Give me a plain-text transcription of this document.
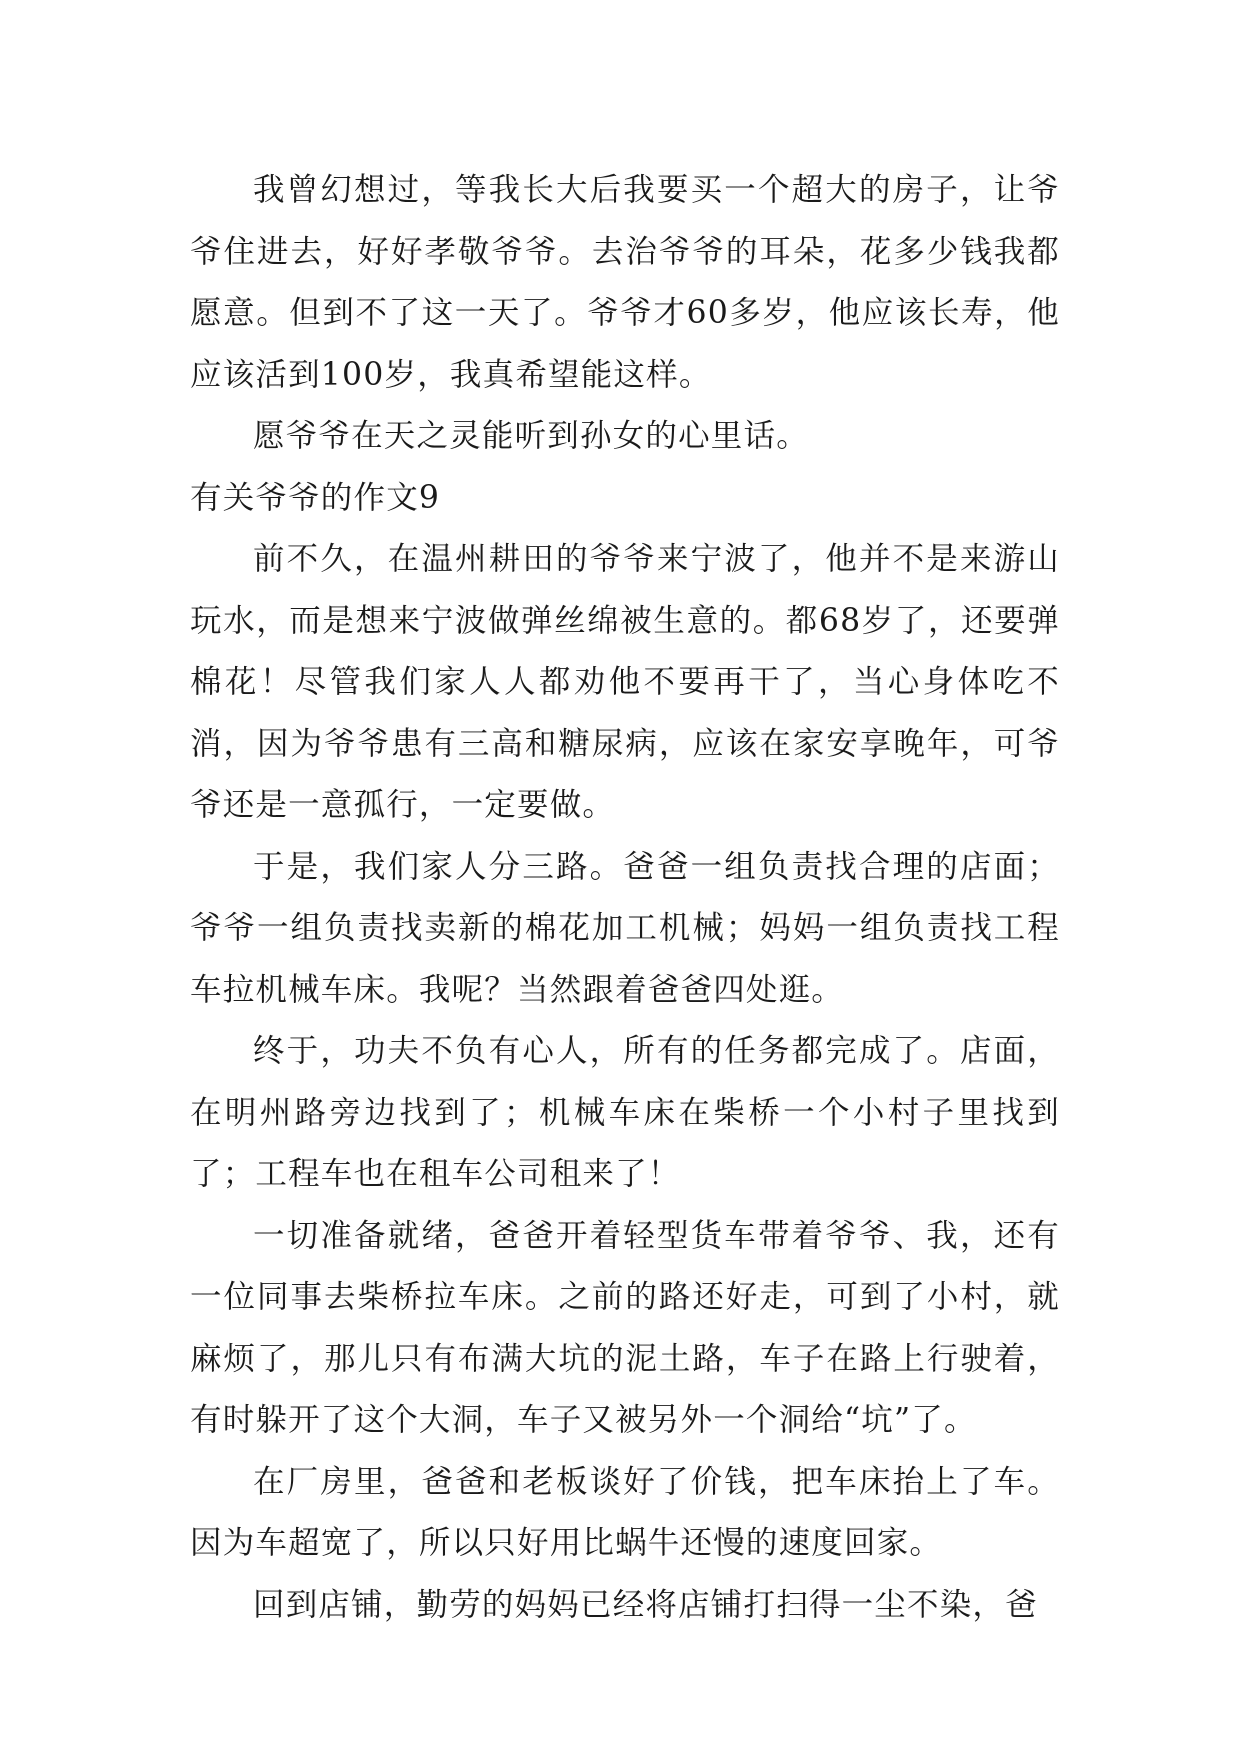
我曾幻想过，等我长大后我要买一个超大的房子，让爷爷住进去，好好孝敬爷爷。去治爷爷的耳朵，花多少钱我都愿意。但到不了这一天了。爷爷才60多岁，他应该长寿，他应该活到100岁，我真希望能这样。

愿爷爷在天之灵能听到孙女的心里话。

有关爷爷的作文9

前不久，在温州耕田的爷爷来宁波了，他并不是来游山玩水，而是想来宁波做弹丝绵被生意的。都68岁了，还要弹棉花！尽管我们家人人都劝他不要再干了，当心身体吃不消，因为爷爷患有三高和糖尿病，应该在家安享晚年，可爷爷还是一意孤行，一定要做。

于是，我们家人分三路。爸爸一组负责找合理的店面；爷爷一组负责找卖新的棉花加工机械；妈妈一组负责找工程车拉机械车床。我呢？当然跟着爸爸四处逛。

终于，功夫不负有心人，所有的任务都完成了。店面，在明州路旁边找到了；机械车床在柴桥一个小村子里找到了；工程车也在租车公司租来了！

一切准备就绪，爸爸开着轻型货车带着爷爷、我，还有一位同事去柴桥拉车床。之前的路还好走，可到了小村，就麻烦了，那儿只有布满大坑的泥土路，车子在路上行驶着，有时躲开了这个大洞，车子又被另外一个洞给“坑”了。

在厂房里，爸爸和老板谈好了价钱，把车床抬上了车。因为车超宽了，所以只好用比蜗牛还慢的速度回家。

回到店铺，勤劳的妈妈已经将店铺打扫得一尘不染，爸
